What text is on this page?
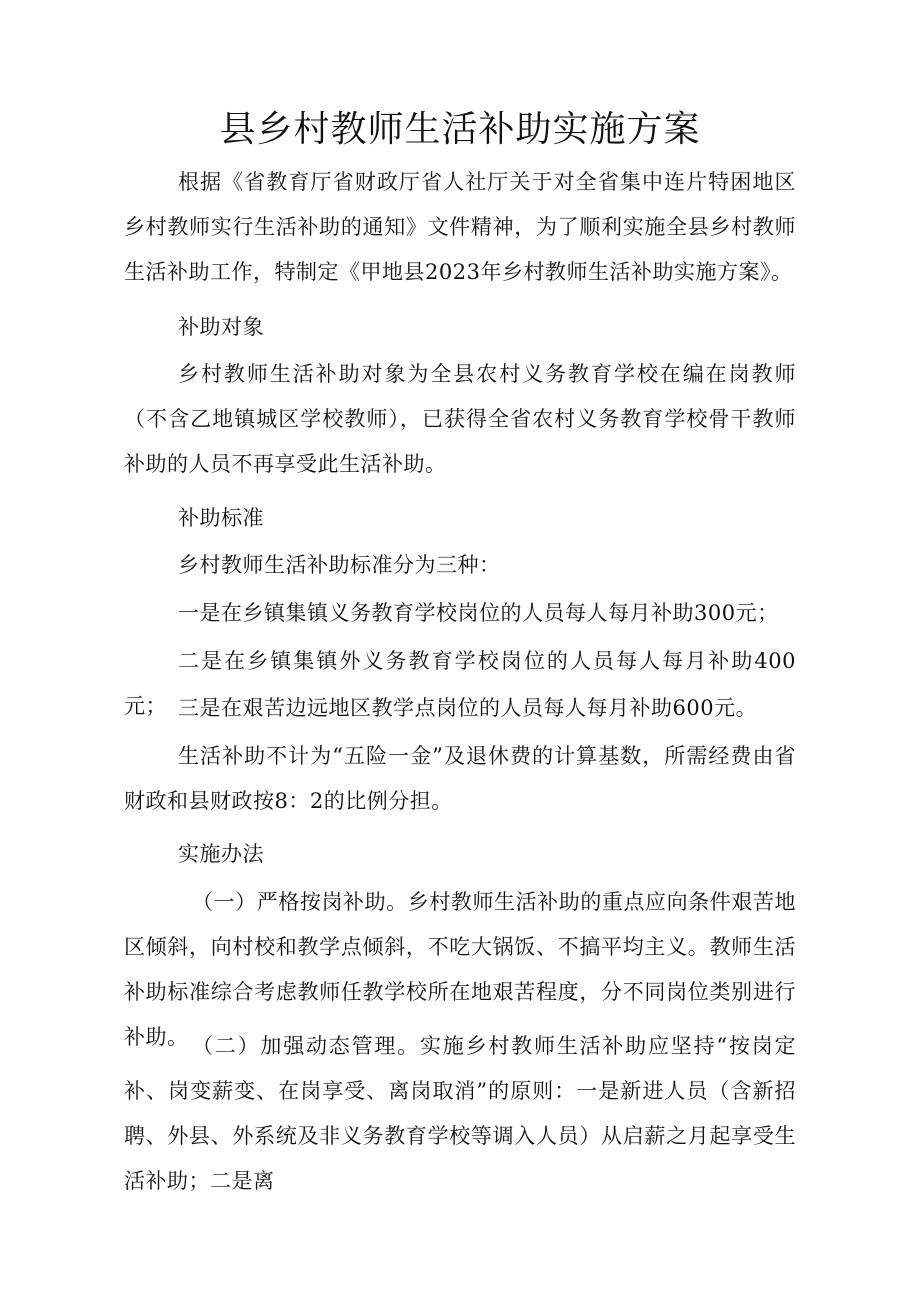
县乡村教师生活补助实施方案

根据《省教育厅省财政厅省人社厅关于对全省集中连片特困地区乡村教师实行生活补助的通知》文件精神，为了顺利实施全县乡村教师生活补助工作，特制定《甲地县2023年乡村教师生活补助实施方案》。

补助对象

乡村教师生活补助对象为全县农村义务教育学校在编在岗教师（不含乙地镇城区学校教师），已获得全省农村义务教育学校骨干教师补助的人员不再享受此生活补助。

补助标准

乡村教师生活补助标准分为三种：

一是在乡镇集镇义务教育学校岗位的人员每人每月补助300元；

二是在乡镇集镇外义务教育学校岗位的人员每人每月补助400元； 三是在艰苦边远地区教学点岗位的人员每人每月补助600元。

生活补助不计为“五险一金”及退休费的计算基数，所需经费由省财政和县财政按8：2的比例分担。

实施办法

（一）严格按岗补助。乡村教师生活补助的重点应向条件艰苦地区倾斜，向村校和教学点倾斜，不吃大锅饭、不搞平均主义。教师生活补助标准综合考虑教师任教学校所在地艰苦程度，分不同岗位类别进行补助。 （二）加强动态管理。实施乡村教师生活补助应坚持“按岗定补、岗变薪变、在岗享受、离岗取消”的原则：一是新进人员（含新招聘、外县、外系统及非义务教育学校等调入人员）从启薪之月起享受生活补助；二是离
